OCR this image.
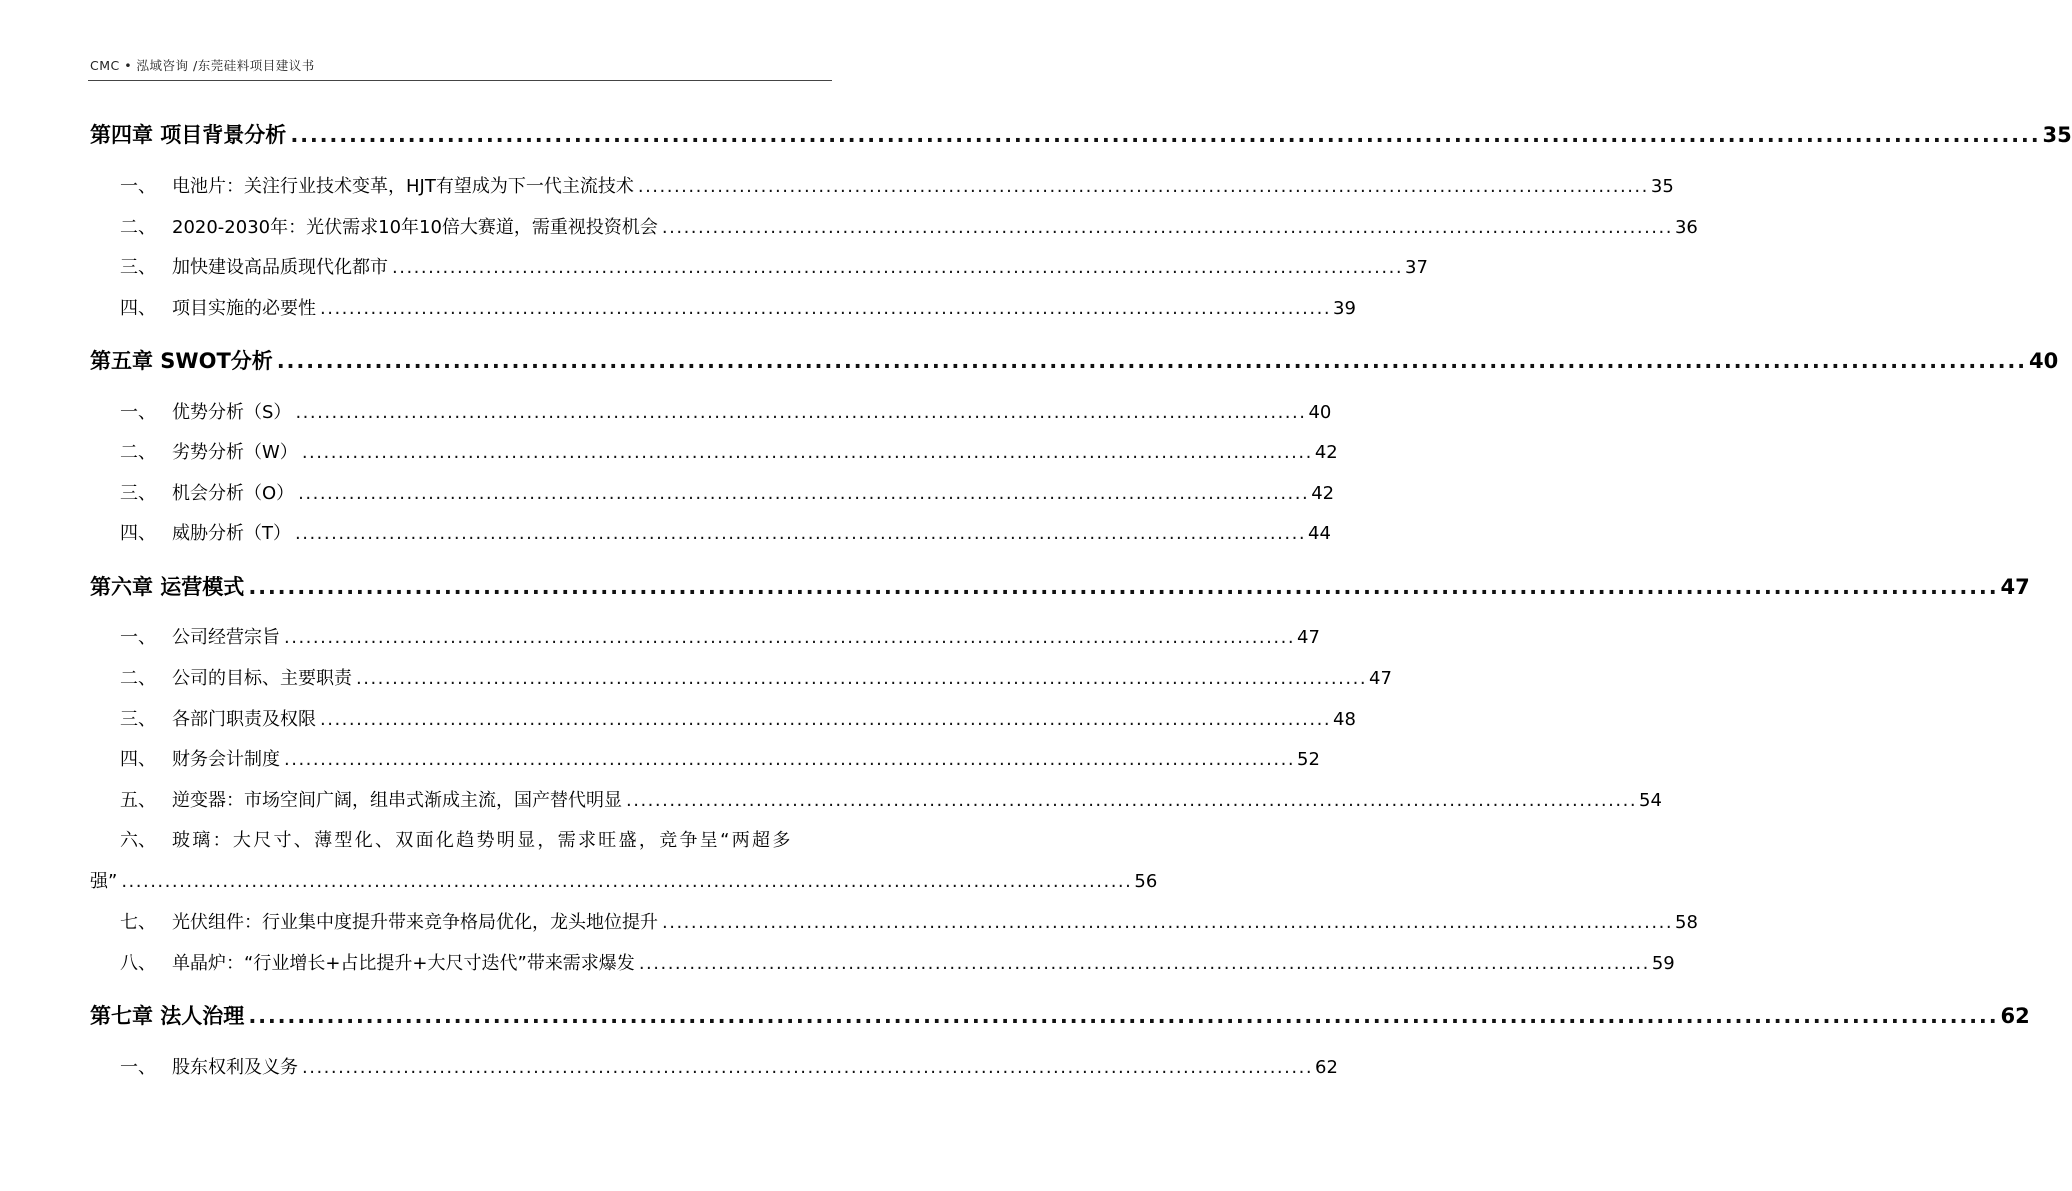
CMC • 泓域咨询 /东莞硅料项目建议书
第四章 项目背景分析 ................................................................................................................................................................................... 35
一、 电池片：关注行业技术变革，HJT有望成为下一代主流技术 ............................................................................................................................................ 35
二、 2020-2030年：光伏需求10年10倍大赛道，需重视投资机会 ............................................................................................................................................ 36
三、 加快建设高品质现代化都市 ............................................................................................................................................ 37
四、 项目实施的必要性 ............................................................................................................................................ 39
第五章 SWOT分析 ................................................................................................................................................................................... 40
一、 优势分析（S） ............................................................................................................................................ 40
二、 劣势分析（W） ............................................................................................................................................ 42
三、 机会分析（O） ............................................................................................................................................ 42
四、 威胁分析（T） ............................................................................................................................................ 44
第六章 运营模式 ................................................................................................................................................................................... 47
一、 公司经营宗旨 ............................................................................................................................................ 47
二、 公司的目标、主要职责 ............................................................................................................................................ 47
三、 各部门职责及权限 ............................................................................................................................................ 48
四、 财务会计制度 ............................................................................................................................................ 52
五、 逆变器：市场空间广阔，组串式渐成主流，国产替代明显 ............................................................................................................................................ 54
六、 玻璃：大尺寸、薄型化、双面化趋势明显，需求旺盛，竞争呈“两超多
强” ............................................................................................................................................ 56
七、 光伏组件：行业集中度提升带来竞争格局优化，龙头地位提升 ............................................................................................................................................ 58
八、 单晶炉：“行业增长+占比提升+大尺寸迭代”带来需求爆发 ............................................................................................................................................ 59
第七章 法人治理 ................................................................................................................................................................................... 62
一、 股东权利及义务 ............................................................................................................................................ 62
